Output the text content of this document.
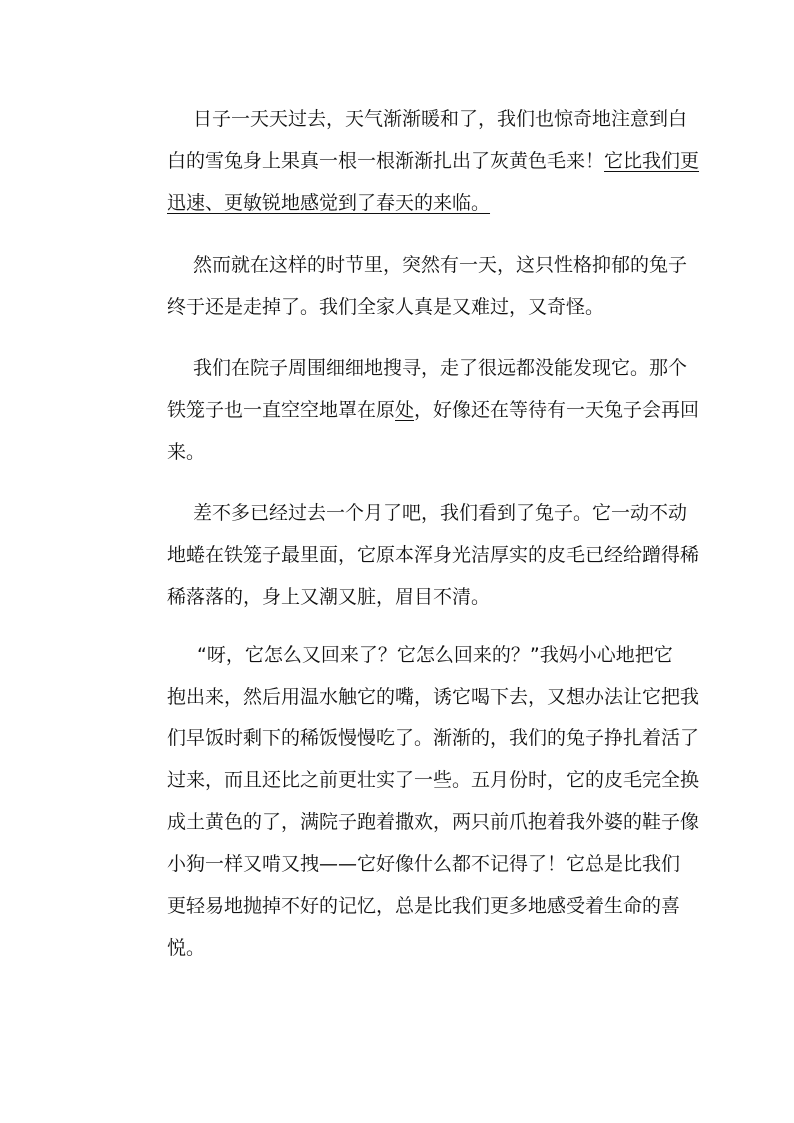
日子一天天过去，天气渐渐暖和了，我们也惊奇地注意到白
白的雪兔身上果真一根一根渐渐扎出了灰黄色毛来！它比我们更
迅速、更敏锐地感觉到了春天的来临。
然而就在这样的时节里，突然有一天，这只性格抑郁的兔子
终于还是走掉了。我们全家人真是又难过，又奇怪。
我们在院子周围细细地搜寻，走了很远都没能发现它。那个
铁笼子也一直空空地罩在原处，好像还在等待有一天兔子会再回
来。
差不多已经过去一个月了吧，我们看到了兔子。它一动不动
地蜷在铁笼子最里面，它原本浑身光洁厚实的皮毛已经给蹭得稀
稀落落的，身上又潮又脏，眉目不清。
“呀，它怎么又回来了？它怎么回来的？”我妈小心地把它
抱出来，然后用温水触它的嘴，诱它喝下去，又想办法让它把我
们早饭时剩下的稀饭慢慢吃了。渐渐的，我们的兔子挣扎着活了
过来，而且还比之前更壮实了一些。五月份时，它的皮毛完全换
成土黄色的了，满院子跑着撒欢，两只前爪抱着我外婆的鞋子像
小狗一样又啃又拽——它好像什么都不记得了！它总是比我们
更轻易地抛掉不好的记忆，总是比我们更多地感受着生命的喜
悦。
